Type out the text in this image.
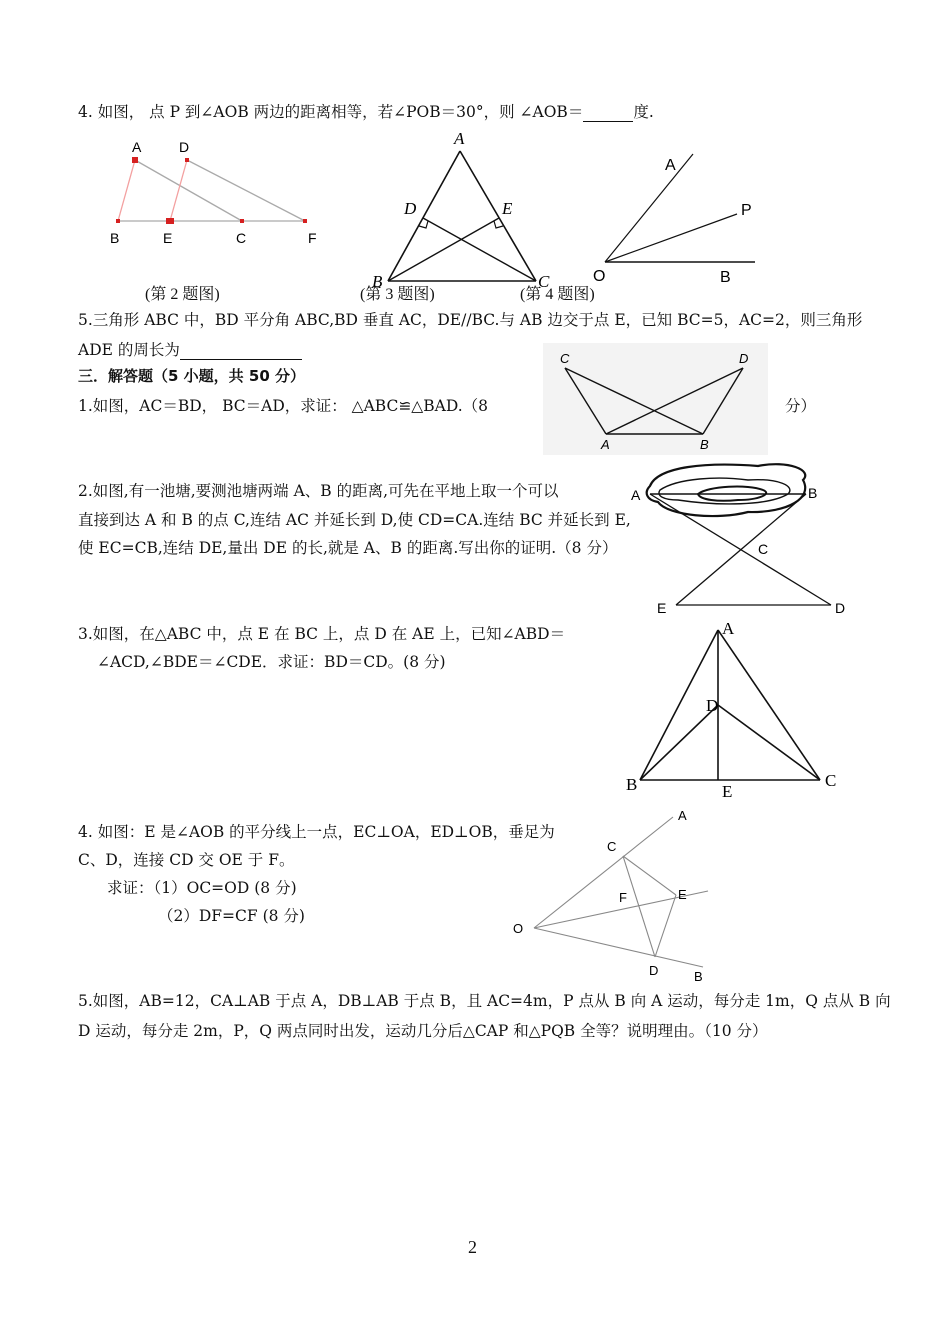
4. 如图， 点 P 到∠AOB 两边的距离相等，若∠POB＝30°，则 ∠AOB＝	度.
A	D
B	E	C	F
(第 2 题图)
A
D	E
B	C
(第 3 题图)
A
P
O	B
(第 4 题图)
5.三角形 ABC 中，BD 平分角 ABC,BD 垂直 AC，DE//BC.与 AB 边交于点 E，已知 BC=5，AC=2，则三角形
ADE 的周长为
三．解答题（5 小题，共 50 分）
1.如图，AC＝BD， BC＝AD，求证： △ABC≌△BAD.（8	分）
C	D
A	B
2.如图,有一池塘,要测池塘两端 A、B 的距离,可先在平地上取一个可以
直接到达 A 和 B 的点 C,连结 AC 并延长到 D,使 CD=CA.连结 BC 并延长到 E,
使 EC=CB,连结 DE,量出 DE 的长,就是 A、B 的距离.写出你的证明.（8 分）
A	B
C
E	D
3.如图，在△ABC 中，点 E 在 BC 上，点 D 在 AE 上，已知∠ABD＝
∠ACD,∠BDE＝∠CDE．求证：BD＝CD。(8 分)
A
D
B	E
C
4. 如图：E 是∠AOB 的平分线上一点，EC⊥OA，ED⊥OB，垂足为
C、D，连接 CD 交 OE 于 F。
求证：（1）OC=OD (8 分)
（2）DF=CF (8 分)
A
C
F	E
O
D	B
5.如图，AB=12，CA⊥AB 于点 A，DB⊥AB 于点 B，且 AC=4m，P 点从 B 向 A 运动，每分走 1m，Q 点从 B 向
D 运动，每分走 2m，P，Q 两点同时出发，运动几分后△CAP 和△PQB 全等？说明理由。（10 分）
2
